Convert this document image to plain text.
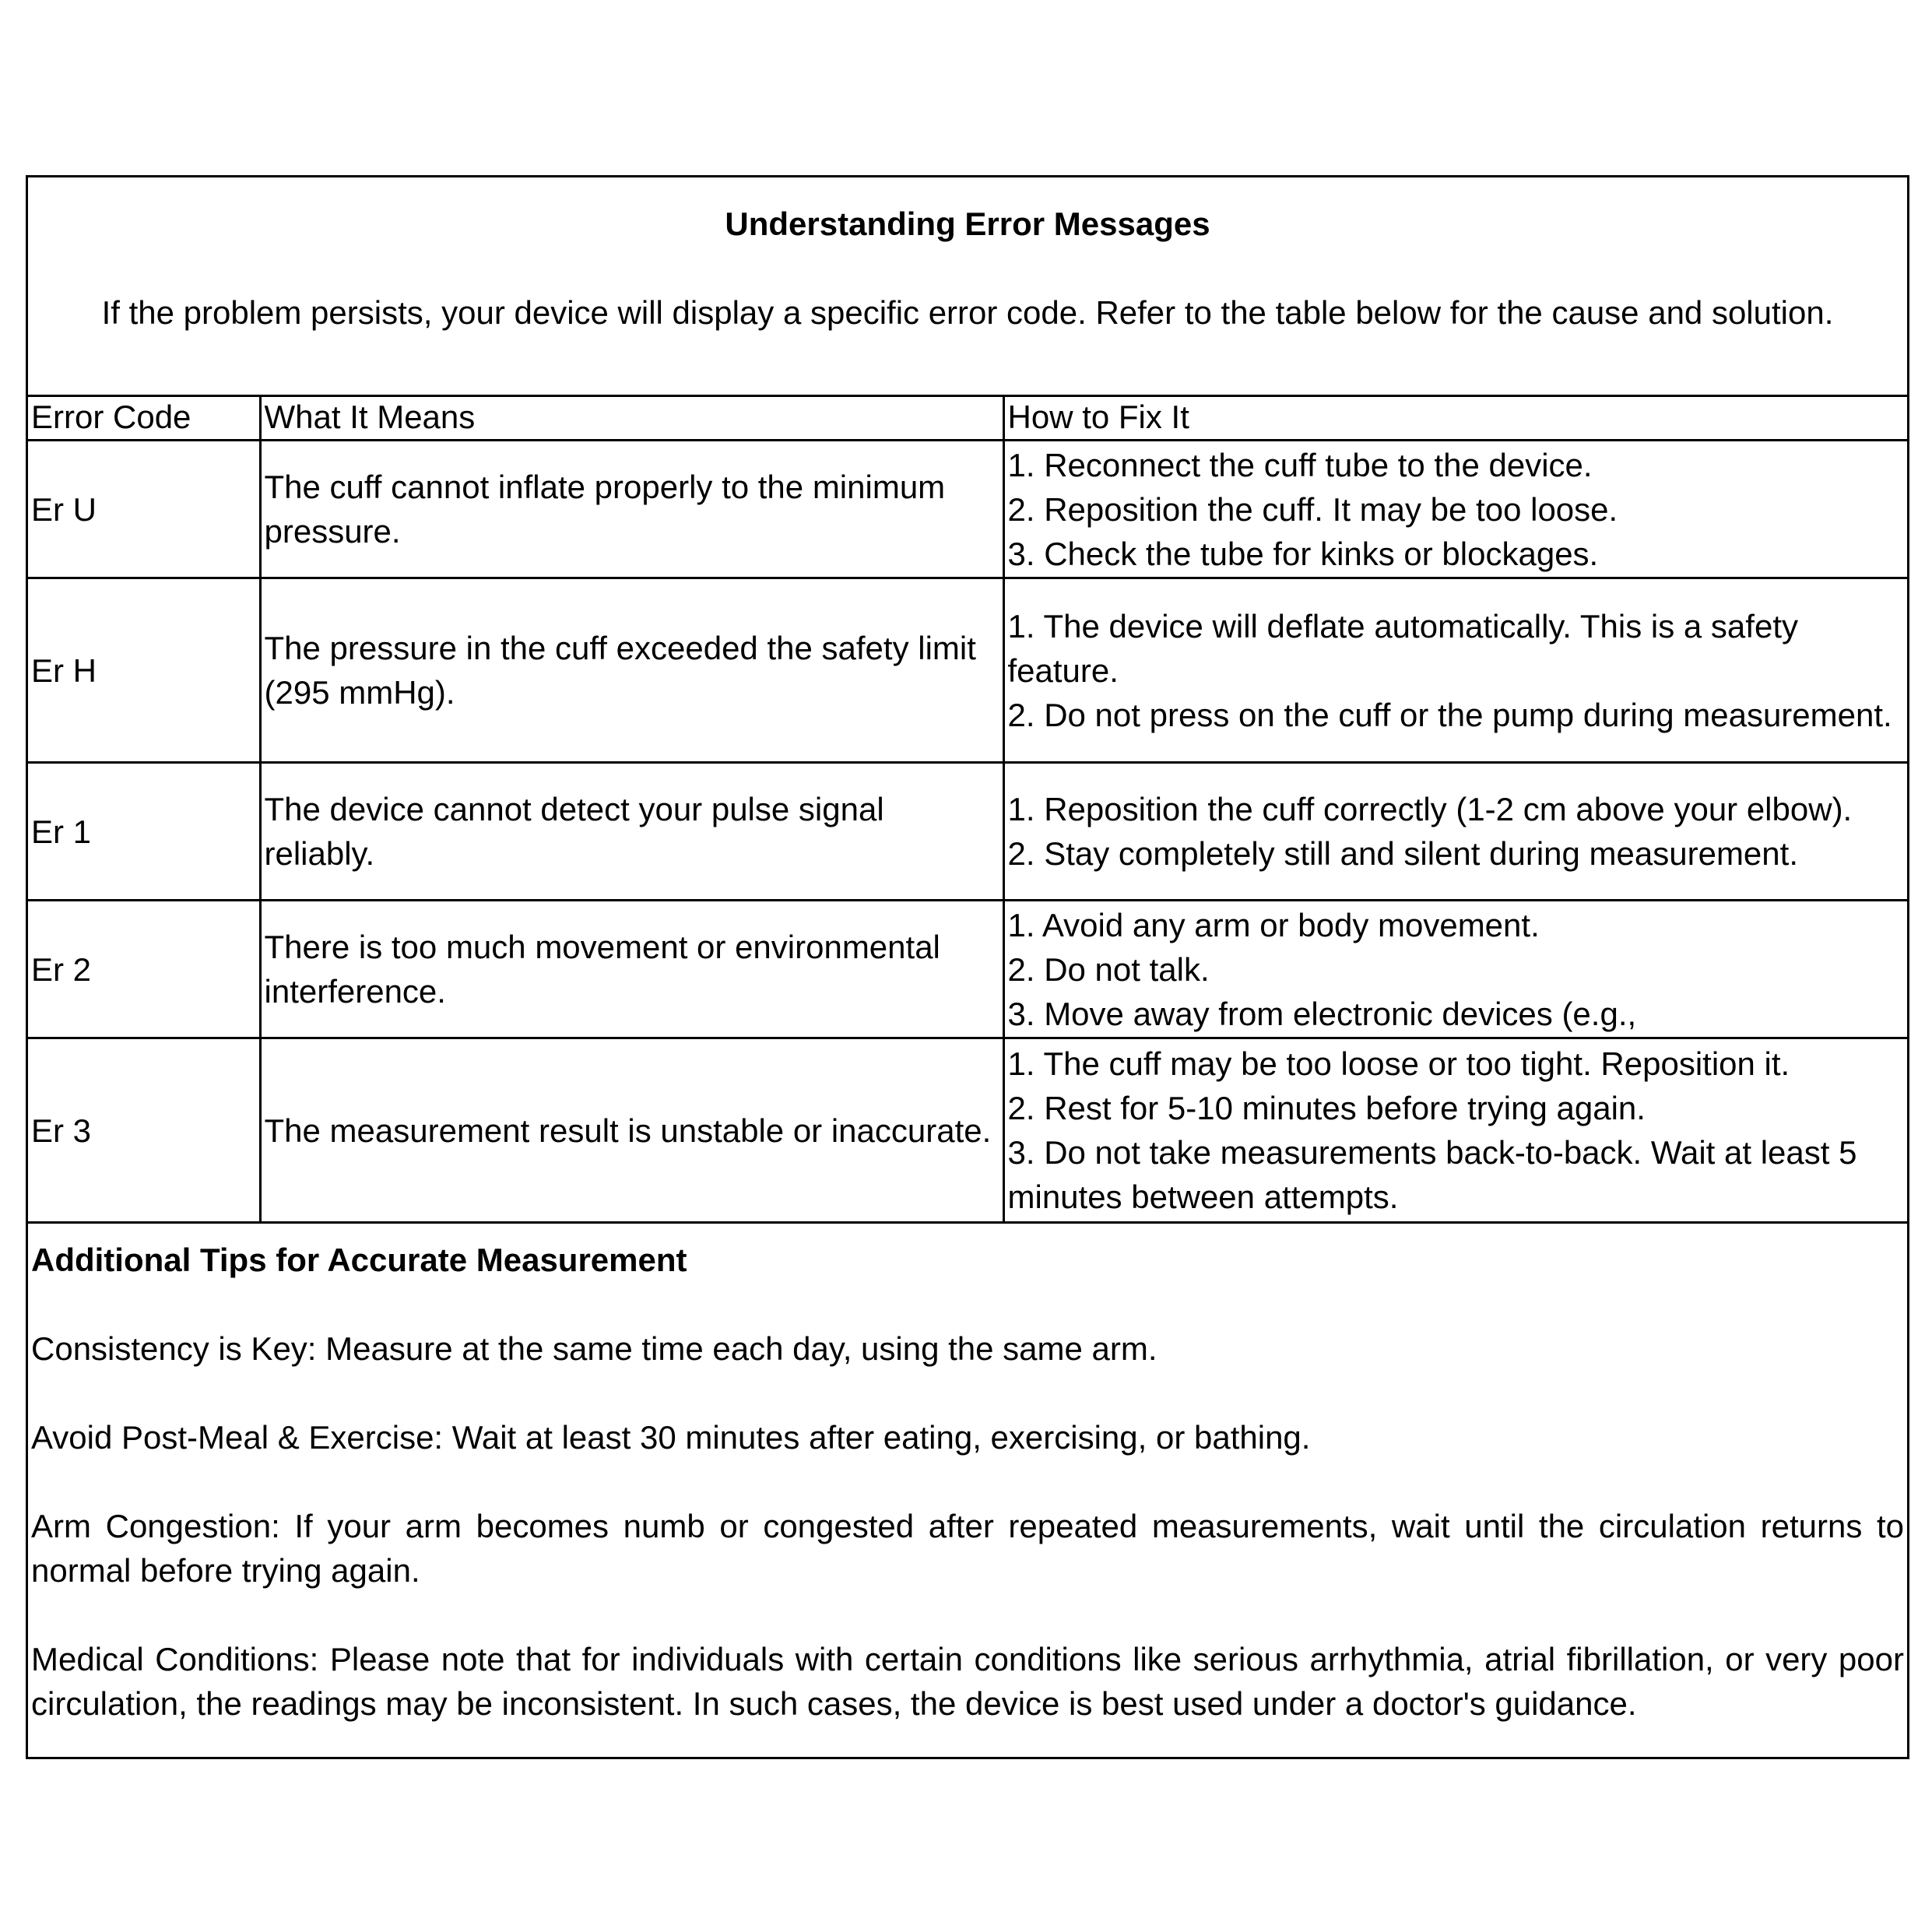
Understanding Error Messages
If the problem persists, your device will display a specific error code. Refer to the table below for the cause and solution.
Error Code	What It Means	How to Fix It
Er U	The cuff cannot inflate properly to the minimum pressure.	1. Reconnect the cuff tube to the device.
2. Reposition the cuff. It may be too loose.
3. Check the tube for kinks or blockages.

Er H	The pressure in the cuff exceeded the safety limit (295 mmHg).	1. The device will deflate automatically. This is a safety feature.
2. Do not press on the cuff or the pump during measurement.

Er 1	The device cannot detect your pulse signal reliably.	1. Reposition the cuff correctly (1-2 cm above your elbow).
2. Stay completely still and silent during measurement.

Er 2	There is too much movement or environmental interference.	1. Avoid any arm or body movement.
2. Do not talk.
3. Move away from electronic devices (e.g.,

Er 3	The measurement result is unstable or inaccurate.	1. The cuff may be too loose or too tight. Reposition it.
2. Rest for 5-10 minutes before trying again.
3. Do not take measurements back-to-back. Wait at least 5 minutes between attempts.
Additional Tips for Accurate Measurement
Consistency is Key: Measure at the same time each day, using the same arm.
Avoid Post-Meal & Exercise: Wait at least 30 minutes after eating, exercising, or bathing.
Arm Congestion: If your arm becomes numb or congested after repeated measurements, wait until the circulation returns to normal before trying again.
Medical Conditions: Please note that for individuals with certain conditions like serious arrhythmia, atrial fibrillation, or very poor circulation, the readings may be inconsistent. In such cases, the device is best used under a doctor's guidance.
